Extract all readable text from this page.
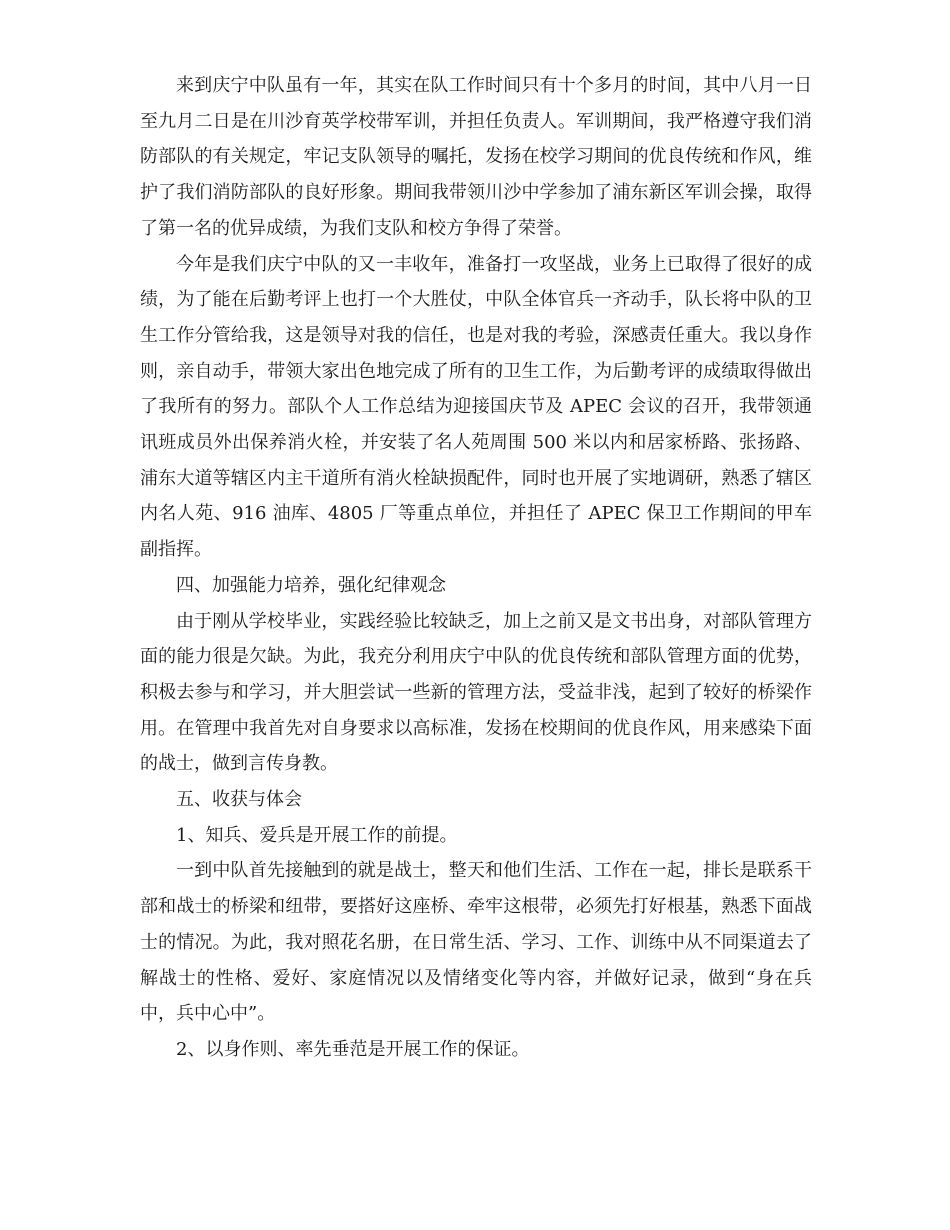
来到庆宁中队虽有一年，其实在队工作时间只有十个多月的时间，其中八月一日至九月二日是在川沙育英学校带军训，并担任负责人。军训期间，我严格遵守我们消防部队的有关规定，牢记支队领导的嘱托，发扬在校学习期间的优良传统和作风，维护了我们消防部队的良好形象。期间我带领川沙中学参加了浦东新区军训会操，取得了第一名的优异成绩，为我们支队和校方争得了荣誉。

今年是我们庆宁中队的又一丰收年，准备打一攻坚战，业务上已取得了很好的成绩，为了能在后勤考评上也打一个大胜仗，中队全体官兵一齐动手，队长将中队的卫生工作分管给我，这是领导对我的信任，也是对我的考验，深感责任重大。我以身作则，亲自动手，带领大家出色地完成了所有的卫生工作，为后勤考评的成绩取得做出了我所有的努力。部队个人工作总结为迎接国庆节及 APEC 会议的召开，我带领通讯班成员外出保养消火栓，并安装了名人苑周围 500 米以内和居家桥路、张扬路、浦东大道等辖区内主干道所有消火栓缺损配件，同时也开展了实地调研，熟悉了辖区内名人苑、916 油库、4805 厂等重点单位，并担任了 APEC 保卫工作期间的甲车副指挥。

四、加强能力培养，强化纪律观念

由于刚从学校毕业，实践经验比较缺乏，加上之前又是文书出身，对部队管理方面的能力很是欠缺。为此，我充分利用庆宁中队的优良传统和部队管理方面的优势，积极去参与和学习，并大胆尝试一些新的管理方法，受益非浅，起到了较好的桥梁作用。在管理中我首先对自身要求以高标准，发扬在校期间的优良作风，用来感染下面的战士，做到言传身教。

五、收获与体会

1、知兵、爱兵是开展工作的前提。

一到中队首先接触到的就是战士，整天和他们生活、工作在一起，排长是联系干部和战士的桥梁和纽带，要搭好这座桥、牵牢这根带，必须先打好根基，熟悉下面战士的情况。为此，我对照花名册，在日常生活、学习、工作、训练中从不同渠道去了解战士的性格、爱好、家庭情况以及情绪变化等内容，并做好记录，做到“身在兵中，兵中心中”。

2、以身作则、率先垂范是开展工作的保证。
